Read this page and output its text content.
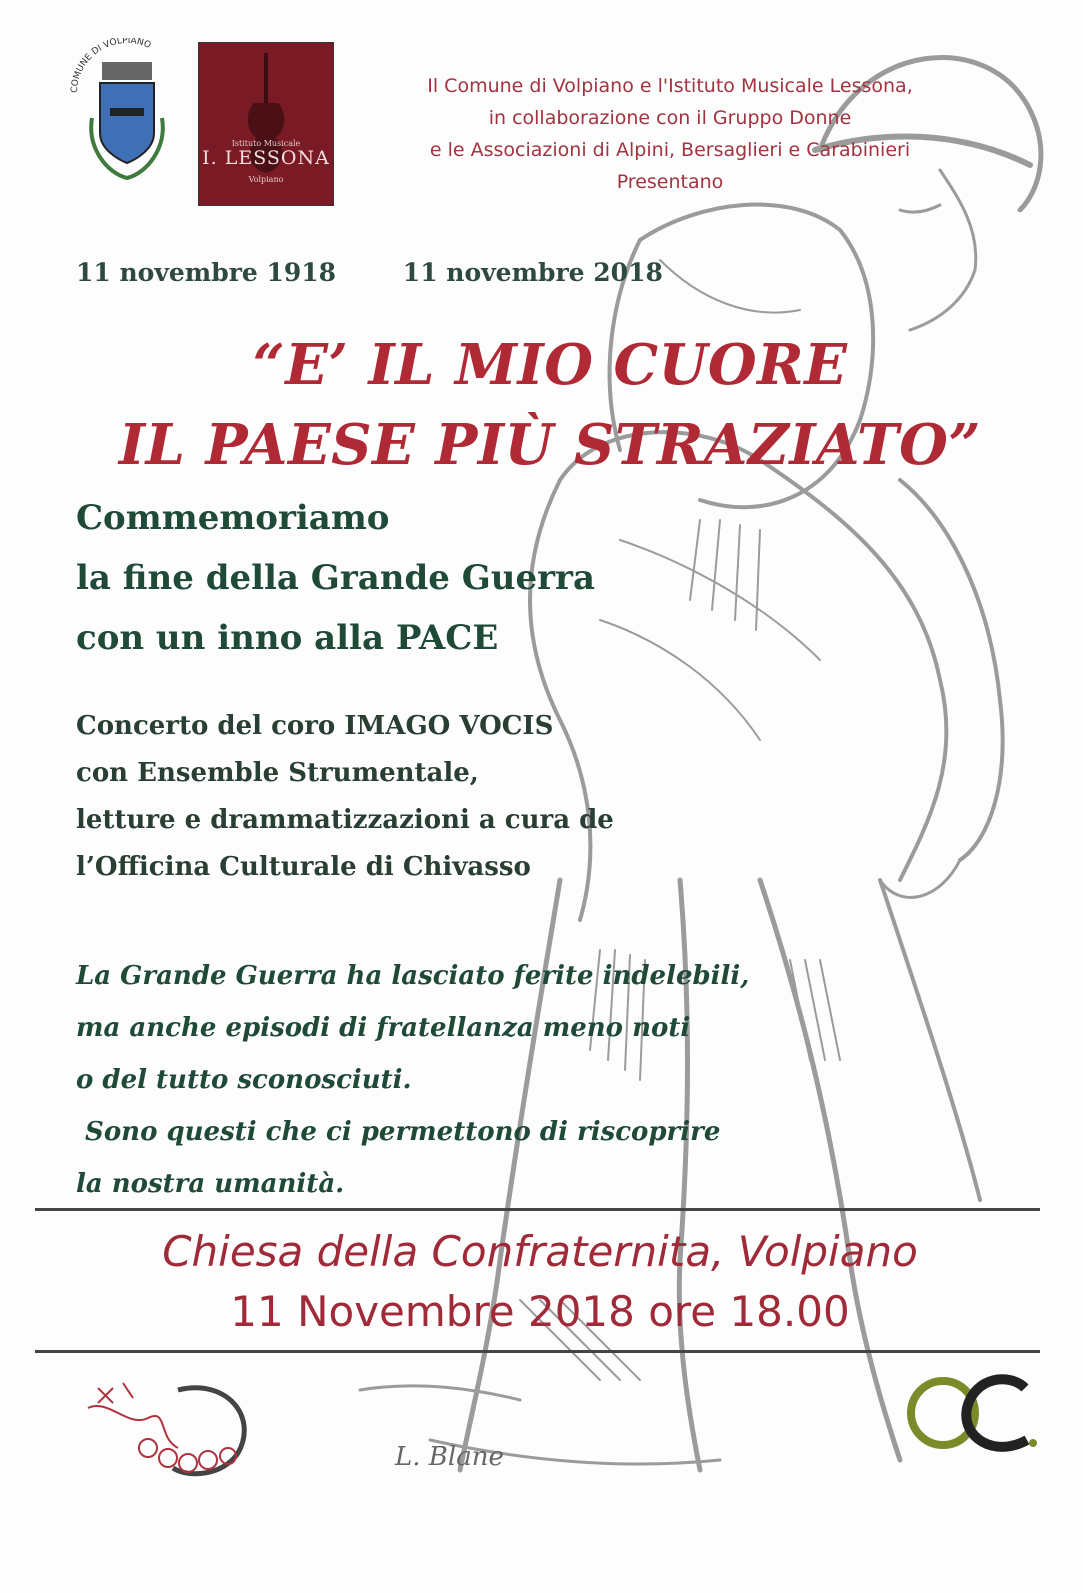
COMUNE DI VOLPIANO
Istituto Musicale
I. LESSONA
Volpiano
Il Comune di Volpiano e l'Istituto Musicale Lessona,
in collaborazione con il Gruppo Donne
e le Associazioni di Alpini, Bersaglieri e Carabinieri
Presentano
11 novembre 1918	11 novembre 2018
“E’ IL MIO CUORE
IL PAESE PIÙ STRAZIATO”
Commemoriamo
la fine della Grande Guerra
con un inno alla PACE
Concerto del coro IMAGO VOCIS
con Ensemble Strumentale,
letture e drammatizzazioni a cura de
l’Officina Culturale di Chivasso
La Grande Guerra ha lasciato ferite indelebili,
ma anche episodi di fratellanza meno noti
o del tutto sconosciuti.
Sono questi che ci permettono di riscoprire
la nostra umanità.
Chiesa della Confraternita, Volpiano
11 Novembre 2018 ore 18.00
L. Blane
